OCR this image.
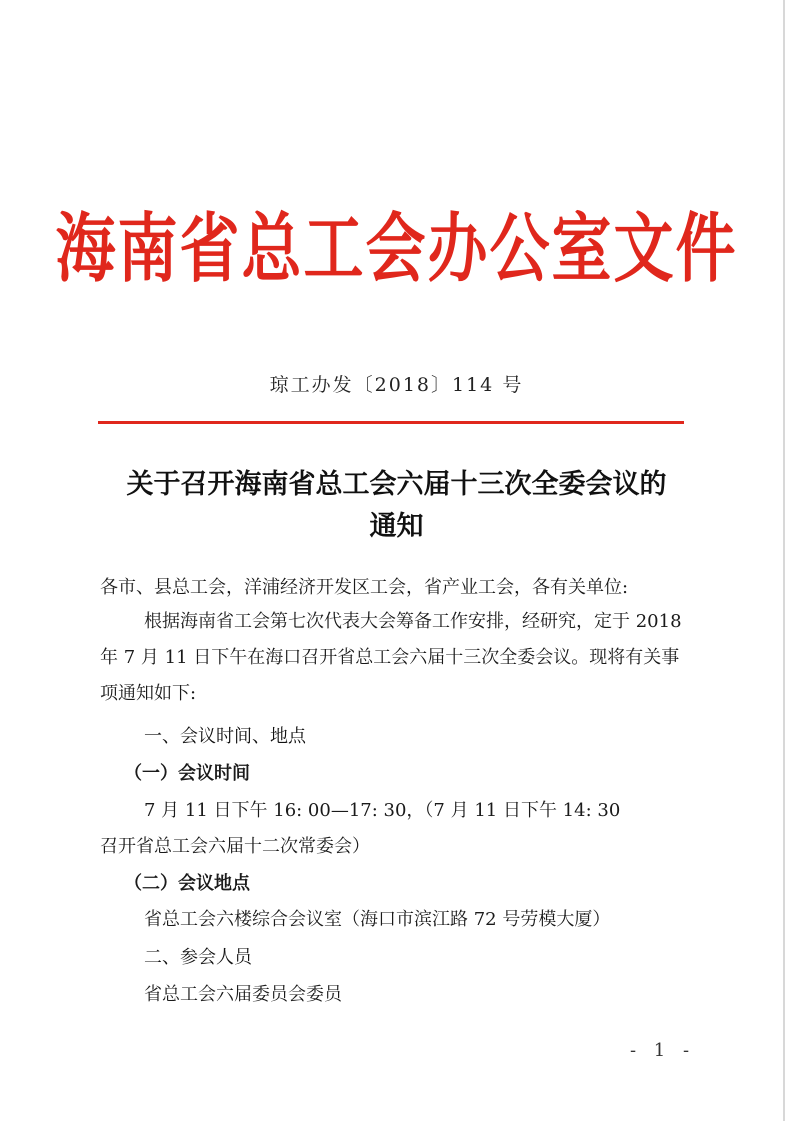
海南省总工会办公室文件
琼工办发〔2018〕114 号
关于召开海南省总工会六届十三次全委会议的
通知
各市、县总工会，洋浦经济开发区工会，省产业工会，各有关单位:
根据海南省工会第七次代表大会筹备工作安排，经研究，定于 2018 年 7 月 11 日下午在海口召开省总工会六届十三次全委会议。现将有关事项通知如下:
一、会议时间、地点
（一）会议时间
7 月 11 日下午 16: 00—17: 30，（7 月 11 日下午 14: 30
召开省总工会六届十二次常委会）
（二）会议地点
省总工会六楼综合会议室（海口市滨江路 72 号劳模大厦）
二、参会人员
省总工会六届委员会委员
- 1 -
